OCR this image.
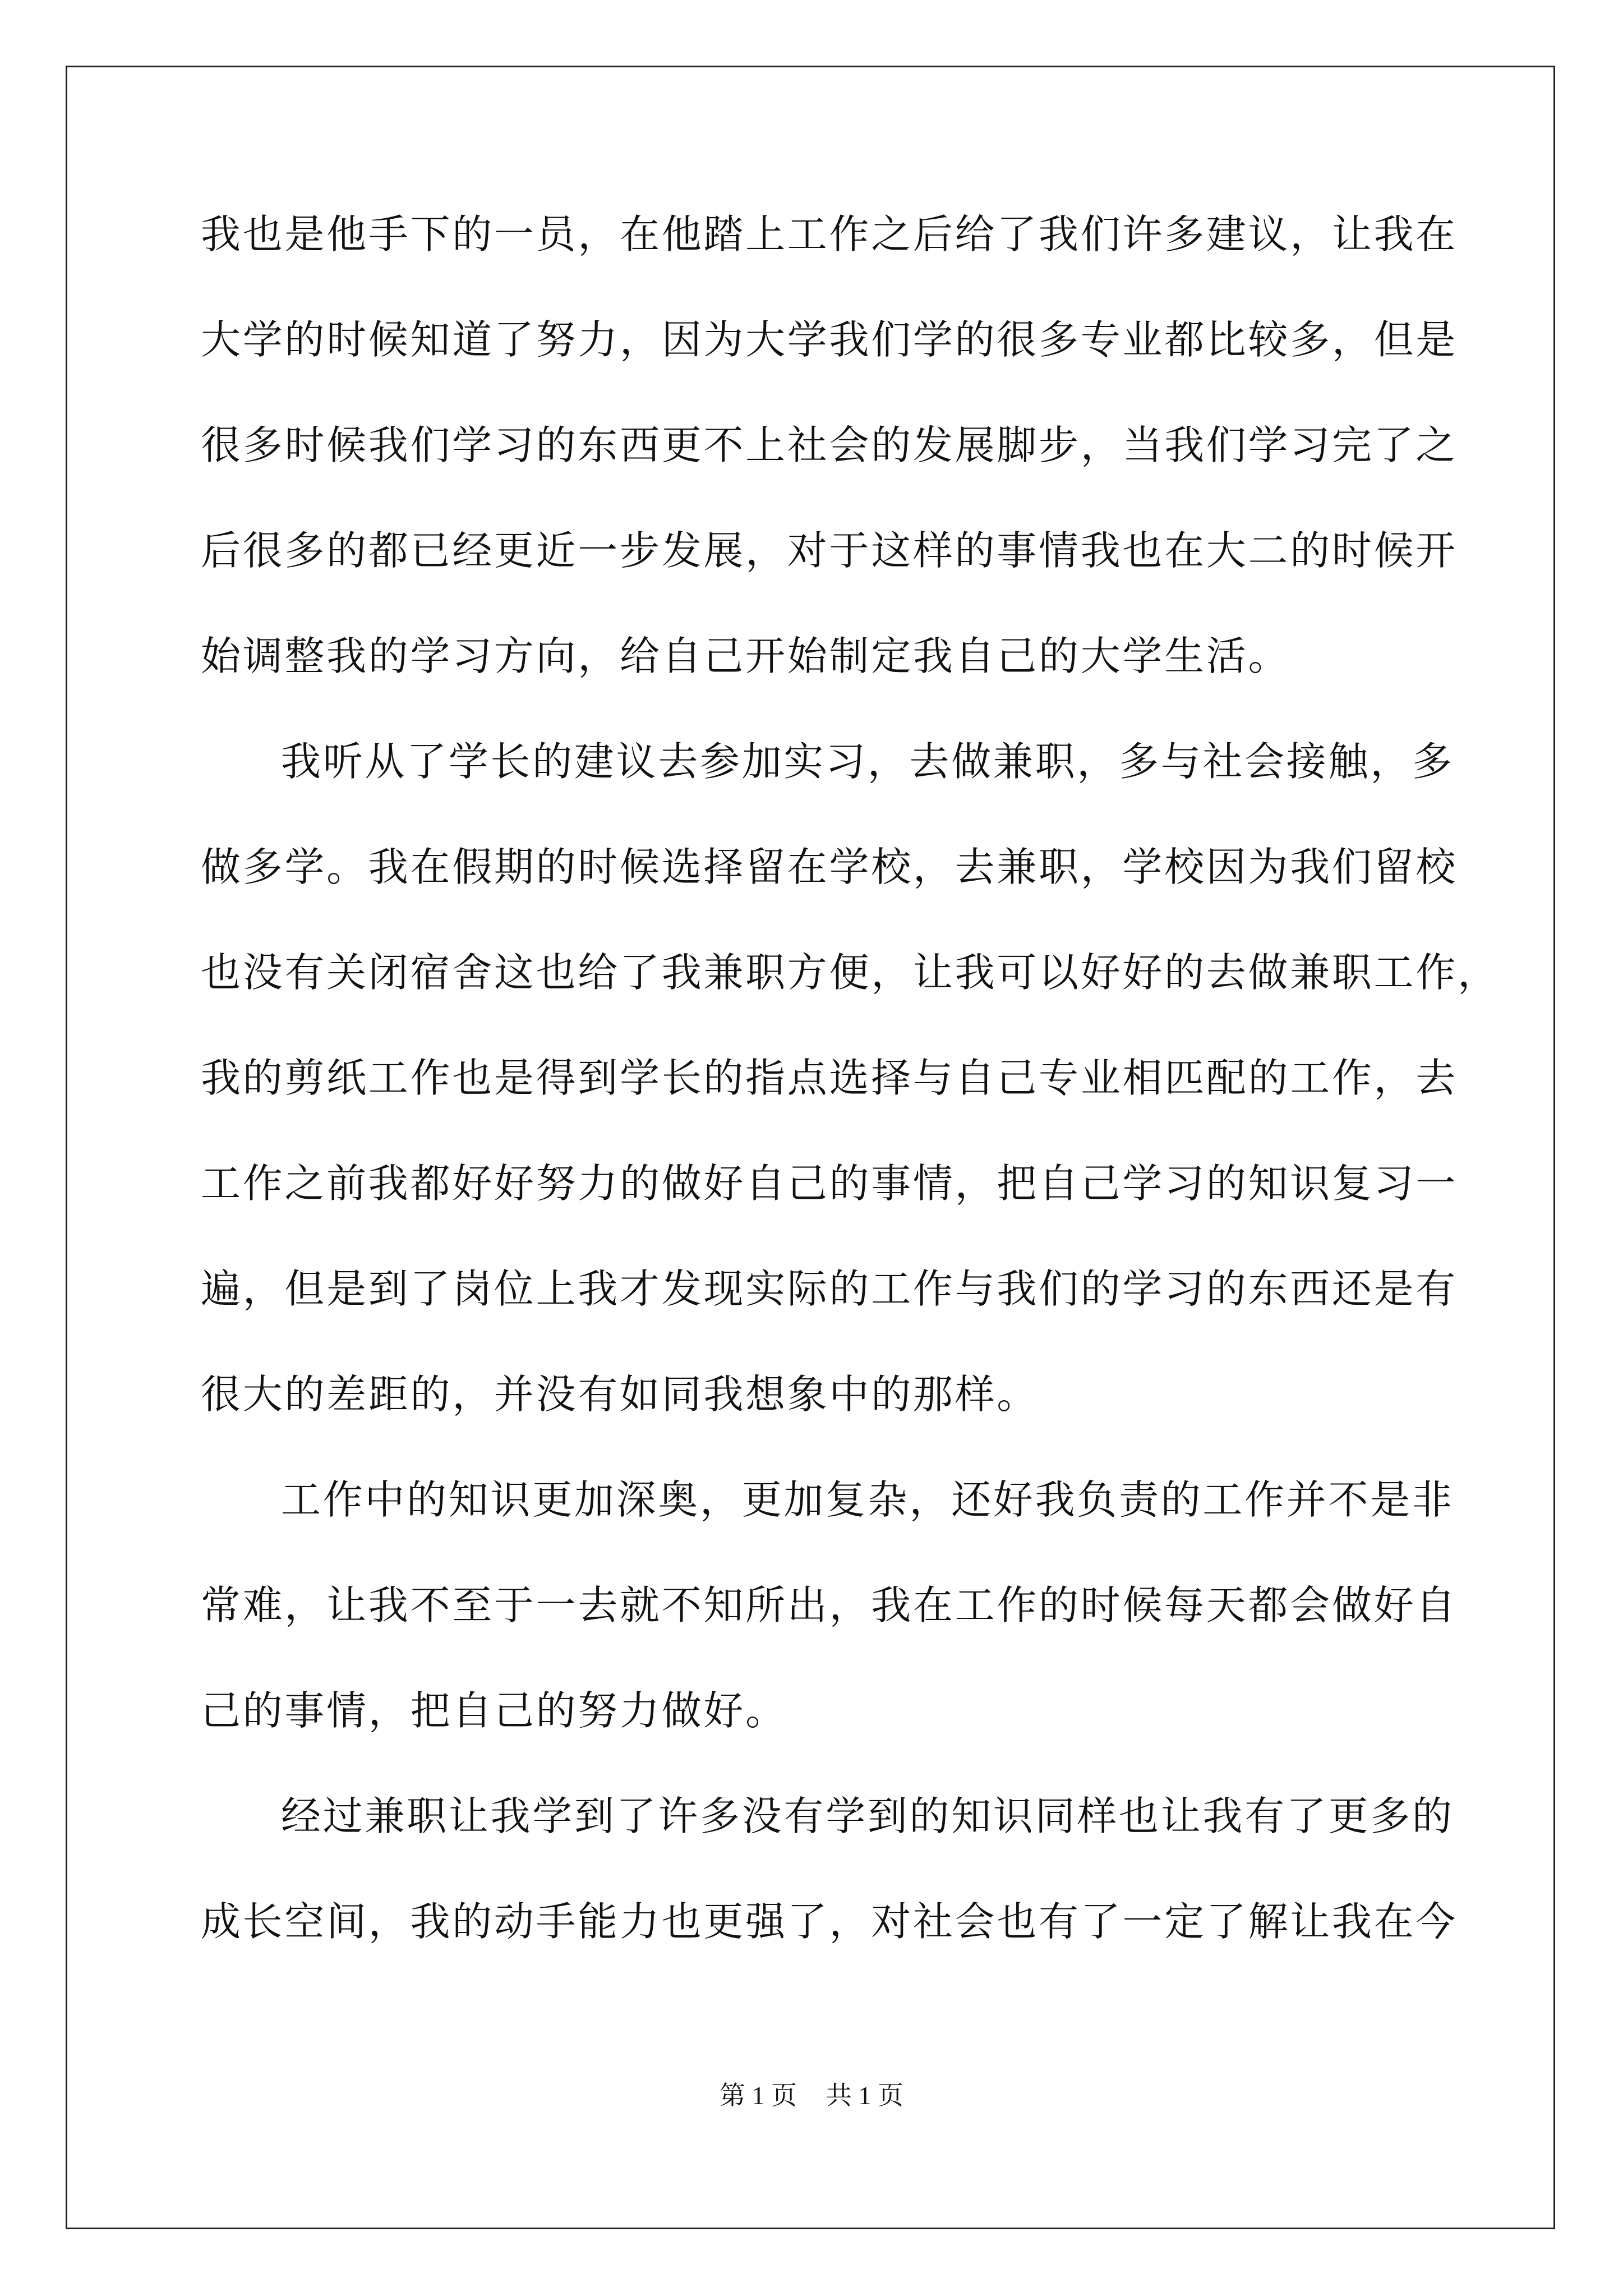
我也是他手下的一员，在他踏上工作之后给了我们许多建议，让我在
大学的时候知道了努力，因为大学我们学的很多专业都比较多，但是
很多时候我们学习的东西更不上社会的发展脚步，当我们学习完了之
后很多的都已经更近一步发展，对于这样的事情我也在大二的时候开
始调整我的学习方向，给自己开始制定我自己的大学生活。
我听从了学长的建议去参加实习，去做兼职，多与社会接触，多
做多学。我在假期的时候选择留在学校，去兼职，学校因为我们留校
也没有关闭宿舍这也给了我兼职方便，让我可以好好的去做兼职工作，
我的剪纸工作也是得到学长的指点选择与自己专业相匹配的工作，去
工作之前我都好好努力的做好自己的事情，把自己学习的知识复习一
遍，但是到了岗位上我才发现实际的工作与我们的学习的东西还是有
很大的差距的，并没有如同我想象中的那样。
工作中的知识更加深奥，更加复杂，还好我负责的工作并不是非
常难，让我不至于一去就不知所出，我在工作的时候每天都会做好自
己的事情，把自己的努力做好。
经过兼职让我学到了许多没有学到的知识同样也让我有了更多的
成长空间，我的动手能力也更强了，对社会也有了一定了解让我在今
第 1 页 共 1 页
